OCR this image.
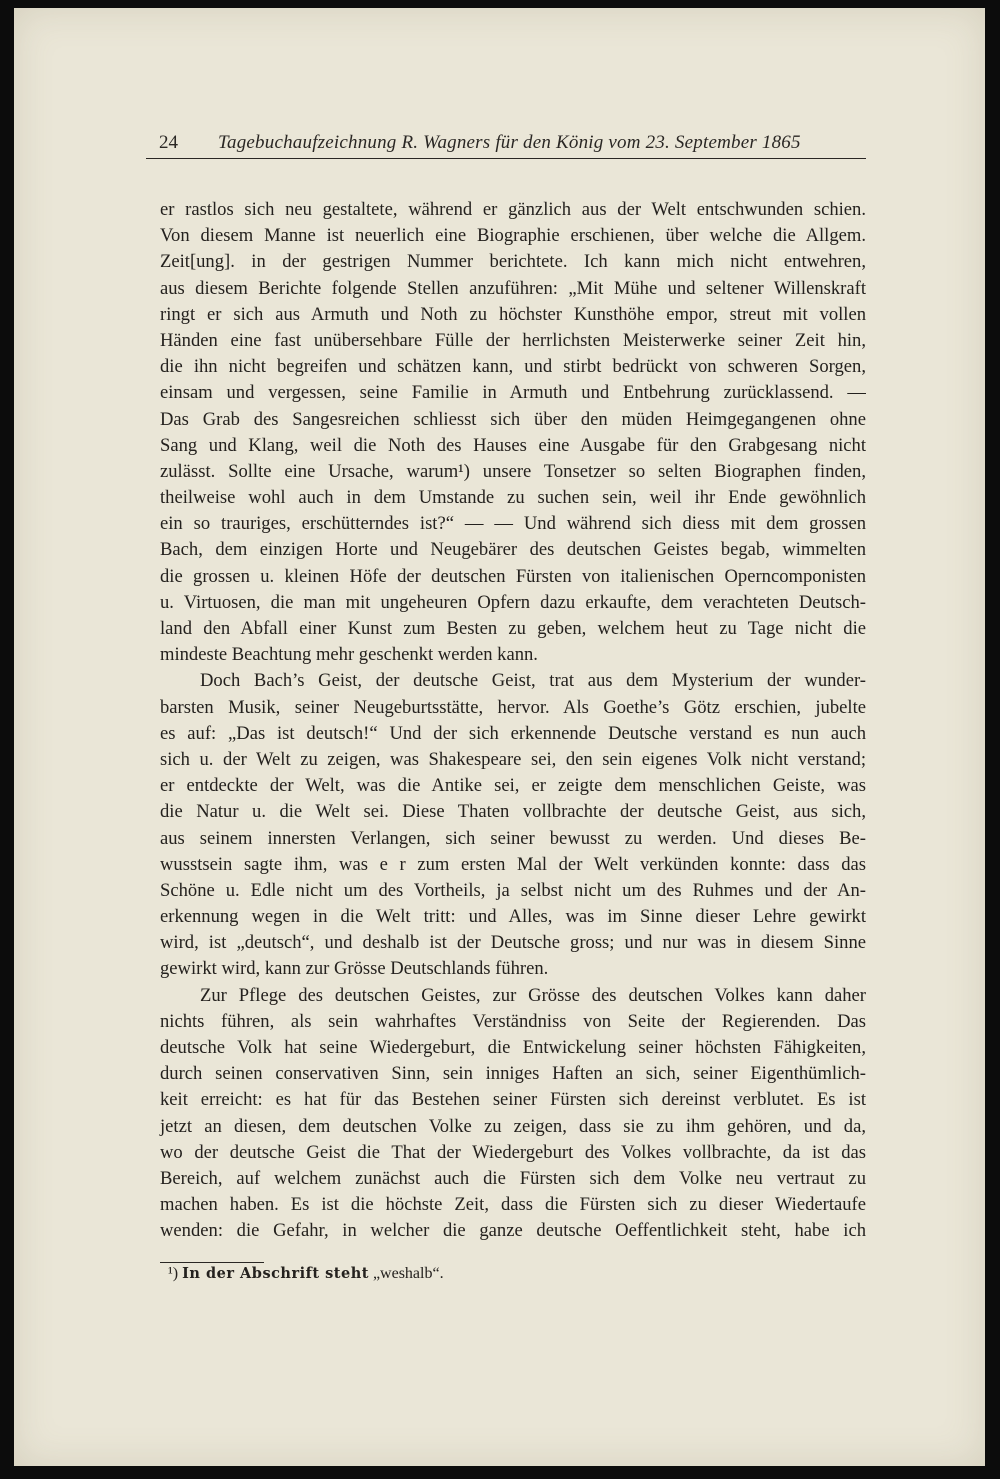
24 Tagebuchaufzeichnung R. Wagners für den König vom 23. September 1865
er rastlos sich neu gestaltete, während er gänzlich aus der Welt entschwunden schien.
Von diesem Manne ist neuerlich eine Biographie erschienen, über welche die Allgem.
Zeit[ung]. in der gestrigen Nummer berichtete. Ich kann mich nicht entwehren,
aus diesem Berichte folgende Stellen anzuführen: „Mit Mühe und seltener Willenskraft
ringt er sich aus Armuth und Noth zu höchster Kunsthöhe empor, streut mit vollen
Händen eine fast unübersehbare Fülle der herrlichsten Meisterwerke seiner Zeit hin,
die ihn nicht begreifen und schätzen kann, und stirbt bedrückt von schweren Sorgen,
einsam und vergessen, seine Familie in Armuth und Entbehrung zurücklassend. —
Das Grab des Sangesreichen schliesst sich über den müden Heimgegangenen ohne
Sang und Klang, weil die Noth des Hauses eine Ausgabe für den Grabgesang nicht
zulässt. Sollte eine Ursache, warum¹) unsere Tonsetzer so selten Biographen finden,
theilweise wohl auch in dem Umstande zu suchen sein, weil ihr Ende gewöhnlich
ein so trauriges, erschütterndes ist?“ — — Und während sich diess mit dem grossen
Bach, dem einzigen Horte und Neugebärer des deutschen Geistes begab, wimmelten
die grossen u. kleinen Höfe der deutschen Fürsten von italienischen Operncomponisten
u. Virtuosen, die man mit ungeheuren Opfern dazu erkaufte, dem verachteten Deutsch-
land den Abfall einer Kunst zum Besten zu geben, welchem heut zu Tage nicht die
mindeste Beachtung mehr geschenkt werden kann.
Doch Bach’s Geist, der deutsche Geist, trat aus dem Mysterium der wunder-
barsten Musik, seiner Neugeburtsstätte, hervor. Als Goethe’s Götz erschien, jubelte
es auf: „Das ist deutsch!“ Und der sich erkennende Deutsche verstand es nun auch
sich u. der Welt zu zeigen, was Shakespeare sei, den sein eigenes Volk nicht verstand;
er entdeckte der Welt, was die Antike sei, er zeigte dem menschlichen Geiste, was
die Natur u. die Welt sei. Diese Thaten vollbrachte der deutsche Geist, aus sich,
aus seinem innersten Verlangen, sich seiner bewusst zu werden. Und dieses Be-
wusstsein sagte ihm, was e r zum ersten Mal der Welt verkünden konnte: dass das
Schöne u. Edle nicht um des Vortheils, ja selbst nicht um des Ruhmes und der An-
erkennung wegen in die Welt tritt: und Alles, was im Sinne dieser Lehre gewirkt
wird, ist „deutsch“, und deshalb ist der Deutsche gross; und nur was in diesem Sinne
gewirkt wird, kann zur Grösse Deutschlands führen.
Zur Pflege des deutschen Geistes, zur Grösse des deutschen Volkes kann daher
nichts führen, als sein wahrhaftes Verständniss von Seite der Regierenden. Das
deutsche Volk hat seine Wiedergeburt, die Entwickelung seiner höchsten Fähigkeiten,
durch seinen conservativen Sinn, sein inniges Haften an sich, seiner Eigenthümlich-
keit erreicht: es hat für das Bestehen seiner Fürsten sich dereinst verblutet. Es ist
jetzt an diesen, dem deutschen Volke zu zeigen, dass sie zu ihm gehören, und da,
wo der deutsche Geist die That der Wiedergeburt des Volkes vollbrachte, da ist das
Bereich, auf welchem zunächst auch die Fürsten sich dem Volke neu vertraut zu
machen haben. Es ist die höchste Zeit, dass die Fürsten sich zu dieser Wiedertaufe
wenden: die Gefahr, in welcher die ganze deutsche Oeffentlichkeit steht, habe ich
¹) In der Abschrift steht „weshalb“.
